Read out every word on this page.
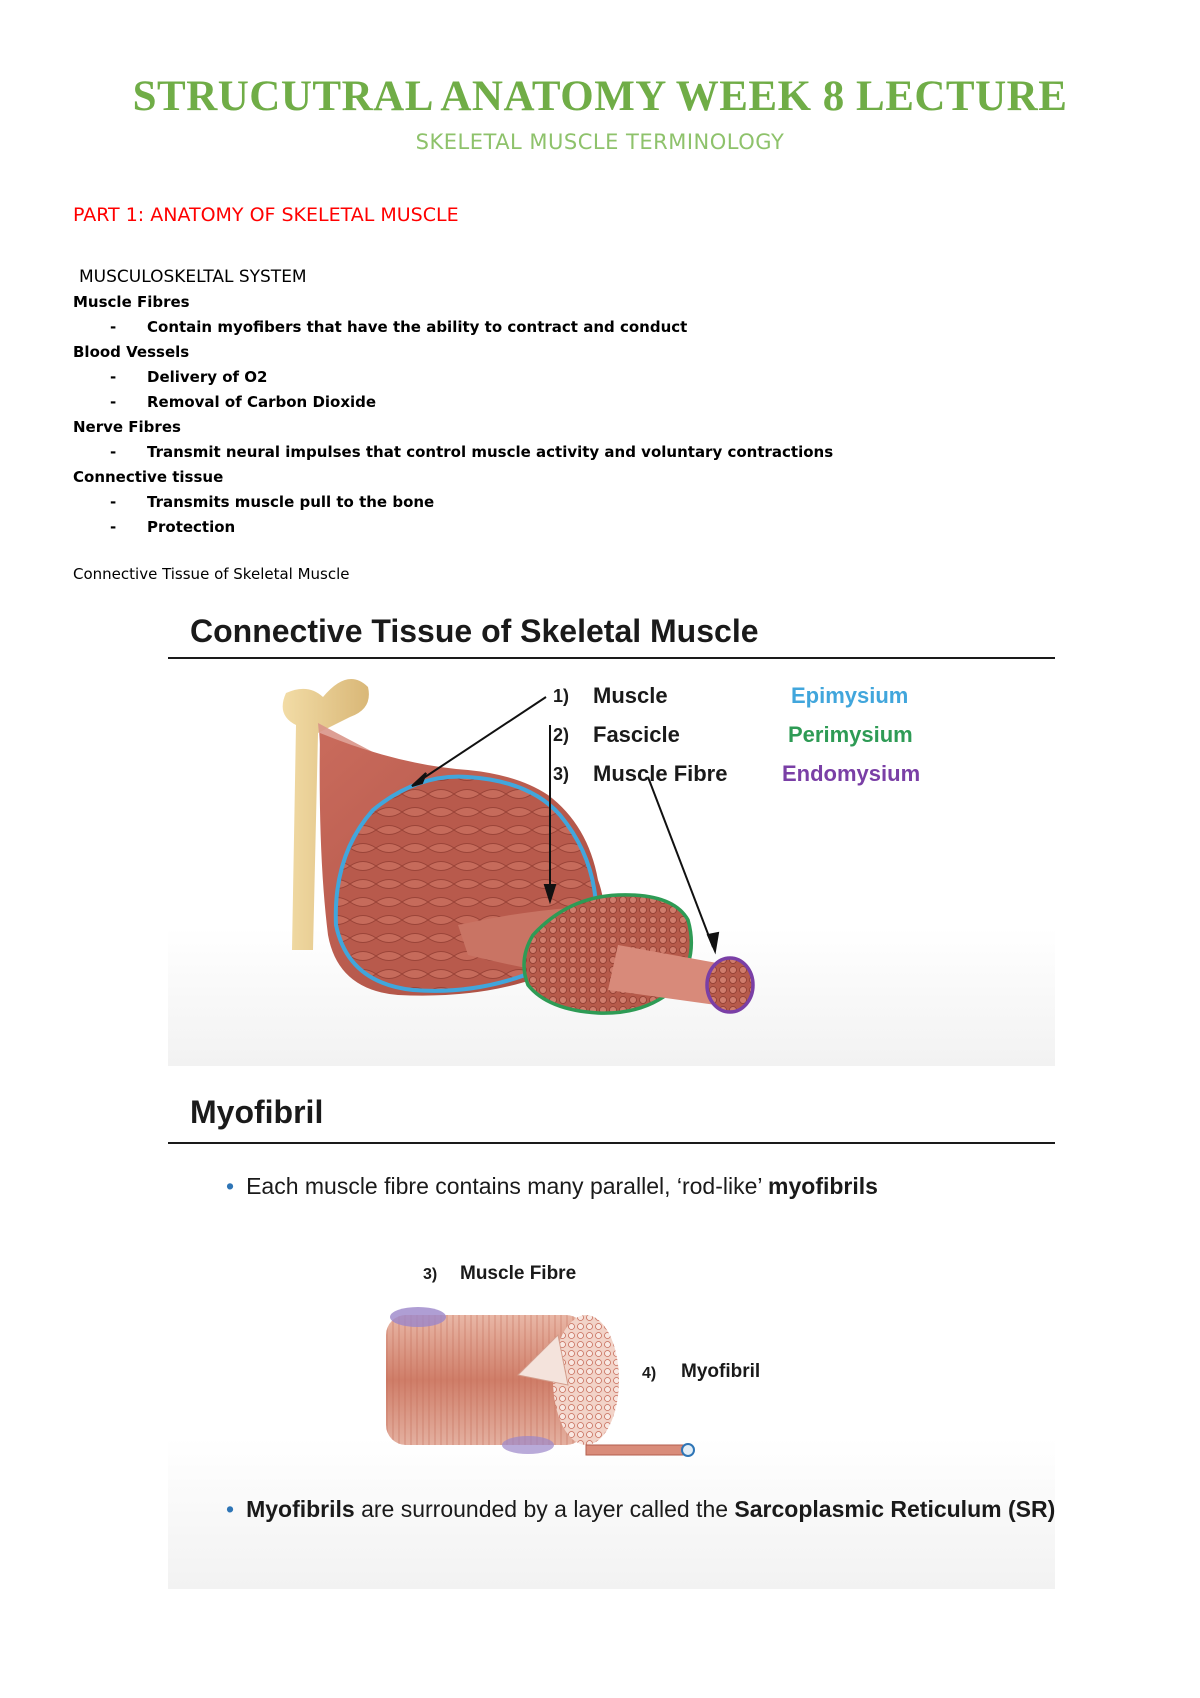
STRUCUTRAL ANATOMY WEEK 8 LECTURE
SKELETAL MUSCLE TERMINOLOGY
PART 1: ANATOMY OF SKELETAL MUSCLE
MUSCULOSKELTAL SYSTEM
Muscle Fibres
- Contain myofibers that have the ability to contract and conduct
Blood Vessels
- Delivery of O2
- Removal of Carbon Dioxide
Nerve Fibres
- Transmit neural impulses that control muscle activity and voluntary contractions
Connective tissue
- Transmits muscle pull to the bone
- Protection
Connective Tissue of Skeletal Muscle
Connective Tissue of Skeletal Muscle
1) Muscle	Epimysium
2) Fascicle	Perimysium
3) Muscle Fibre Endomysium
Myofibril
• Each muscle fibre contains many parallel, ‘rod-like’ myofibrils
3) Muscle Fibre
4) Myofibril
• Myofibrils are surrounded by a layer called the Sarcoplasmic Reticulum (SR)
